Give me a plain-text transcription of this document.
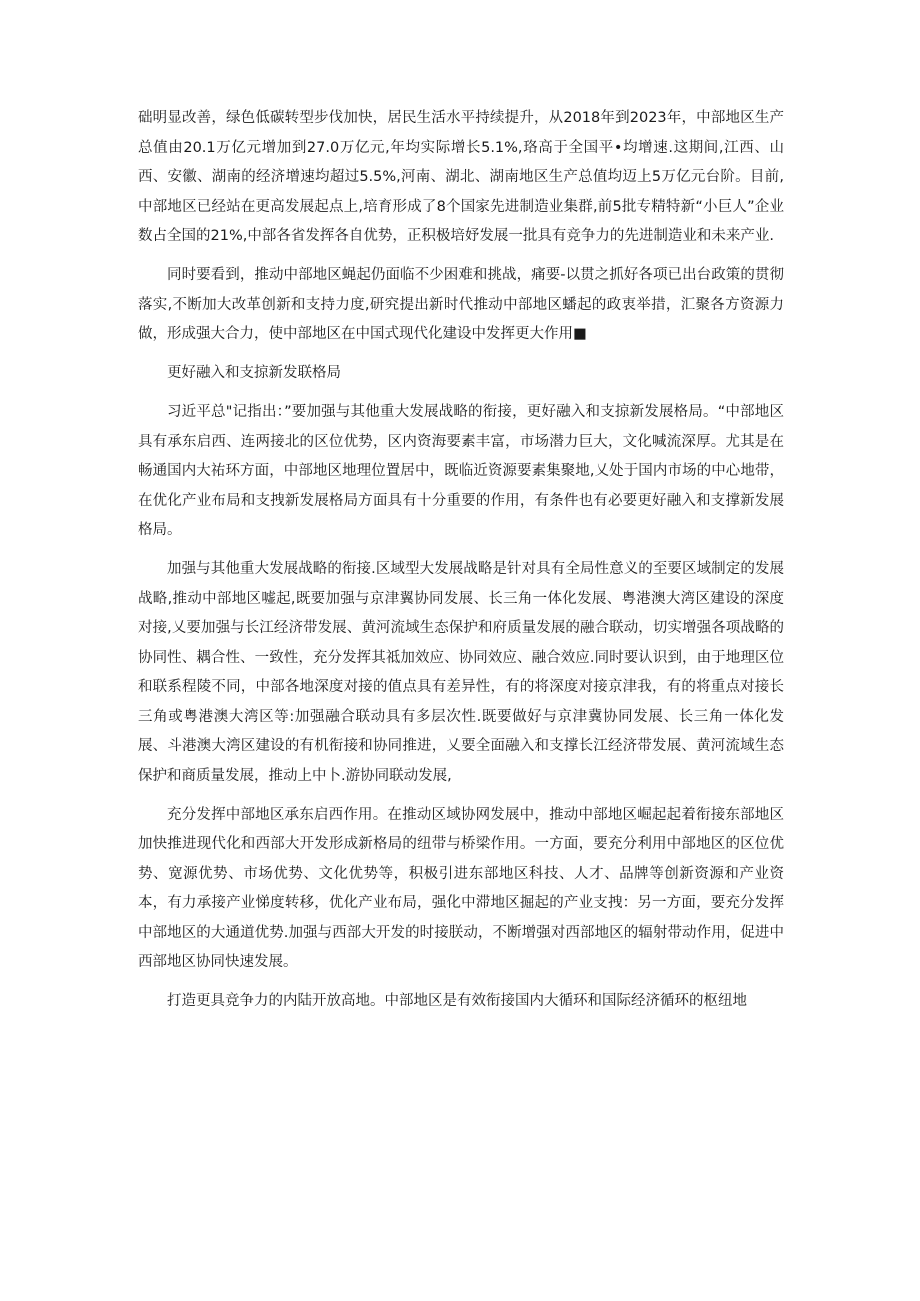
础明显改善，绿色低碳转型步伐加快，居民生活水平持续提升，从2018年到2023年，中部地区生产总值由20.1万亿元增加到27.0万亿元,年均实际增长5.1%,珞高于全国平•均增速.这期间,江西、山西、安徽、湖南的经济增速均超过5.5%,河南、湖北、湖南地区生产总值均迈上5万亿元台阶。目前,中部地区已经站在更高发展起点上,培育形成了8个国家先进制造业集群,前5批专精特新“小巨人”企业数占全国的21%,中部各省发挥各自优势，正积极培妤发展一批具有竞争力的先进制造业和未来产业.

同时要看到，推动中部地区蝇起仍面临不少困难和挑战，痛要-以贯之抓好各项已出台政策的贯彻落实,不断加大改革创新和支持力度,研究提出新时代推动中部地区蟠起的政衷举措，汇聚各方资源力做，形成强大合力，使中部地区在中国式现代化建设中发挥更大作用■

更好融入和支掠新发联格局

习近平总"记指出：”要加强与其他重大发展战略的衔接，更好融入和支掠新发展格局。“中部地区具有承东启西、连两接北的区位优势，区内资海要素丰富，市场潜力巨大，文化喊流深厚。尤其是在畅通国内大祐环方面，中部地区地理位置居中，既临近资源要素集聚地,乂处于国内市场的中心地带，在优化产业布局和支拽新发展格局方面具有十分重要的作用，有条件也有必要更好融入和支撑新发展格局。

加强与其他重大发展战略的衔接.区域型大发展战略是针对具有全局性意义的至要区域制定的发展战略,推动中部地区嘘起,既要加强与京津翼协同发展、长三角一体化发展、粤港澳大湾区建设的深度对接,乂要加强与长江经济带发展、黄河流域生态保护和府质量发展的融合联动，切实增强各项战略的协同性、耦合性、一致性，充分发挥其祗加效应、协同效应、融合效应.同时要认识到，由于地理区位和联系程陵不同，中部各地深度对接的值点具有差异性，有的将深度对接京津我，有的将重点对接长三角或粤港澳大湾区等:加强融合联动具有多层次性.既要做好与京津冀协同发展、长三角一体化发展、斗港澳大湾区建设的有机衔接和协同推进，乂要全面融入和支撑长江经济带发展、黄河流域生态保护和商质量发展，推动上中卜.游协同联动发展,

充分发挥中部地区承东启西作用。在推动区域协网发展中，推动中部地区崛起起着衔接东部地区加快推进现代化和西部大开发形成新格局的纽带与桥梁作用。一方面，要充分利用中部地区的区位优势、宽源优势、市场优势、文化优势等，积极引进东部地区科技、人才、品牌等创新资源和产业资本，有力承接产业悌度转移，优化产业布局，强化中滞地区掘起的产业支拽：另一方面，要充分发挥中部地区的大通道优势.加强与西部大开发的时接朕动，不断增强对西部地区的辐射带动作用，促进中西部地区协同快速发展。

打造更具竞争力的内陆开放高地。中部地区是有效衔接国内大循环和国际经济循环的枢纽地
